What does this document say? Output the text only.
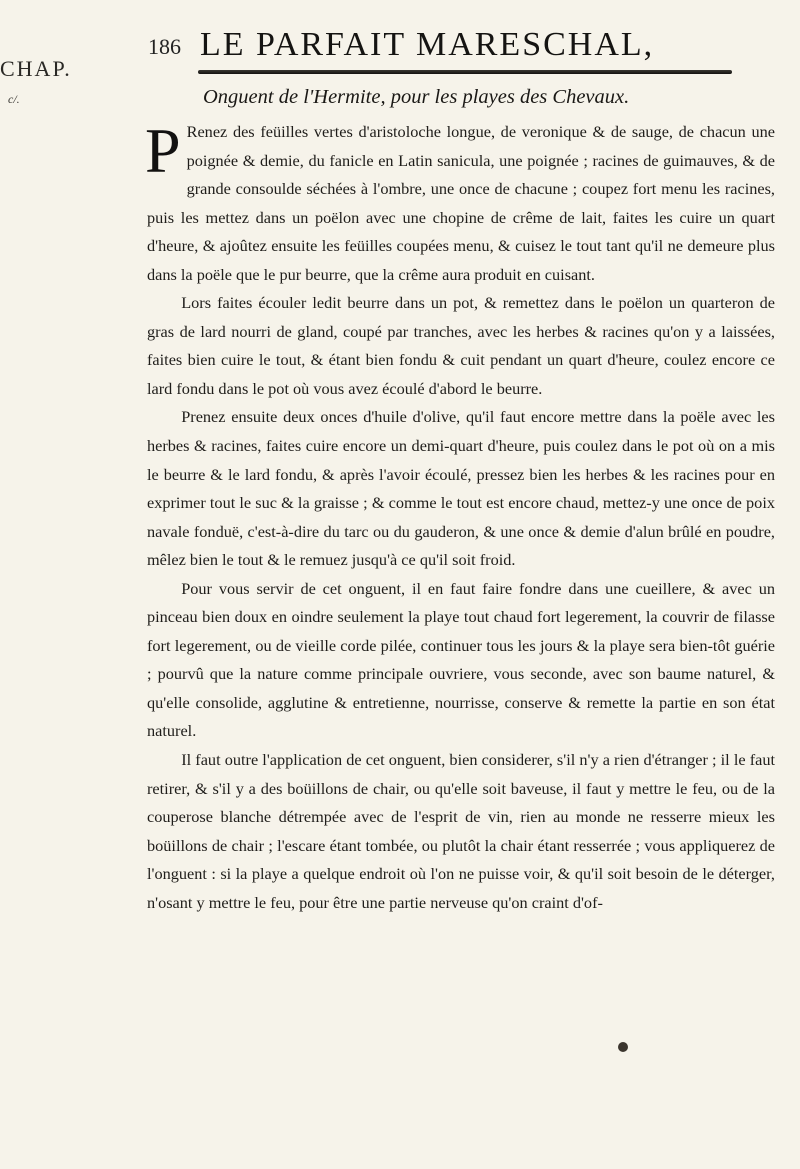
CHAP.
c/.
186 LE PARFAIT MARESCHAL,
Onguent de l'Hermite, pour les playes des Chevaux.

P Renez des feüilles vertes d'aristoloche longue, de veronique & de sauge, de chacun une poignée & demie, du fanicle en Latin sanicula, une poignée ; racines de guimauves, & de grande consoulde séchées à l'ombre, une once de chacune ; coupez fort menu les racines, puis les mettez dans un poëlon avec une chopine de crême de lait, faites les cuire un quart d'heure, & ajoûtez ensuite les feüilles coupées menu, & cuisez le tout tant qu'il ne demeure plus dans la poële que le pur beurre, que la crême aura produit en cuisant.

Lors faites écouler ledit beurre dans un pot, & remettez dans le poëlon un quarteron de gras de lard nourri de gland, coupé par tranches, avec les herbes & racines qu'on y a laissées, faites bien cuire le tout, & étant bien fondu & cuit pendant un quart d'heure, coulez encore ce lard fondu dans le pot où vous avez écoulé d'abord le beurre.

Prenez ensuite deux onces d'huile d'olive, qu'il faut encore mettre dans la poële avec les herbes & racines, faites cuire encore un demi-quart d'heure, puis coulez dans le pot où on a mis le beurre & le lard fondu, & après l'avoir écoulé, pressez bien les herbes & les racines pour en exprimer tout le suc & la graisse ; & comme le tout est encore chaud, mettez-y une once de poix navale fonduë, c'est-à-dire du tarc ou du gauderon, & une once & demie d'alun brûlé en poudre, mêlez bien le tout & le remuez jusqu'à ce qu'il soit froid.

Pour vous servir de cet onguent, il en faut faire fondre dans une cueillere, & avec un pinceau bien doux en oindre seulement la playe tout chaud fort legerement, la couvrir de filasse fort legerement, ou de vieille corde pilée, continuer tous les jours & la playe sera bien-tôt guérie ; pourvû que la nature comme principale ouvriere, vous seconde, avec son baume naturel, & qu'elle consolide, agglutine & entretienne, nourrisse, conserve & remette la partie en son état naturel.

Il faut outre l'application de cet onguent, bien considerer, s'il n'y a rien d'étranger ; il le faut retirer, & s'il y a des boüillons de chair, ou qu'elle soit baveuse, il faut y mettre le feu, ou de la couperose blanche détrempée avec de l'esprit de vin, rien au monde ne resserre mieux les boüillons de chair ; l'escare étant tombée, ou plutôt la chair étant resserrée ; vous appliquerez de l'onguent : si la playe a quelque endroit où l'on ne puisse voir, & qu'il soit besoin de le déterger, n'osant y mettre le feu, pour être une partie nerveuse qu'on craint d'of-
